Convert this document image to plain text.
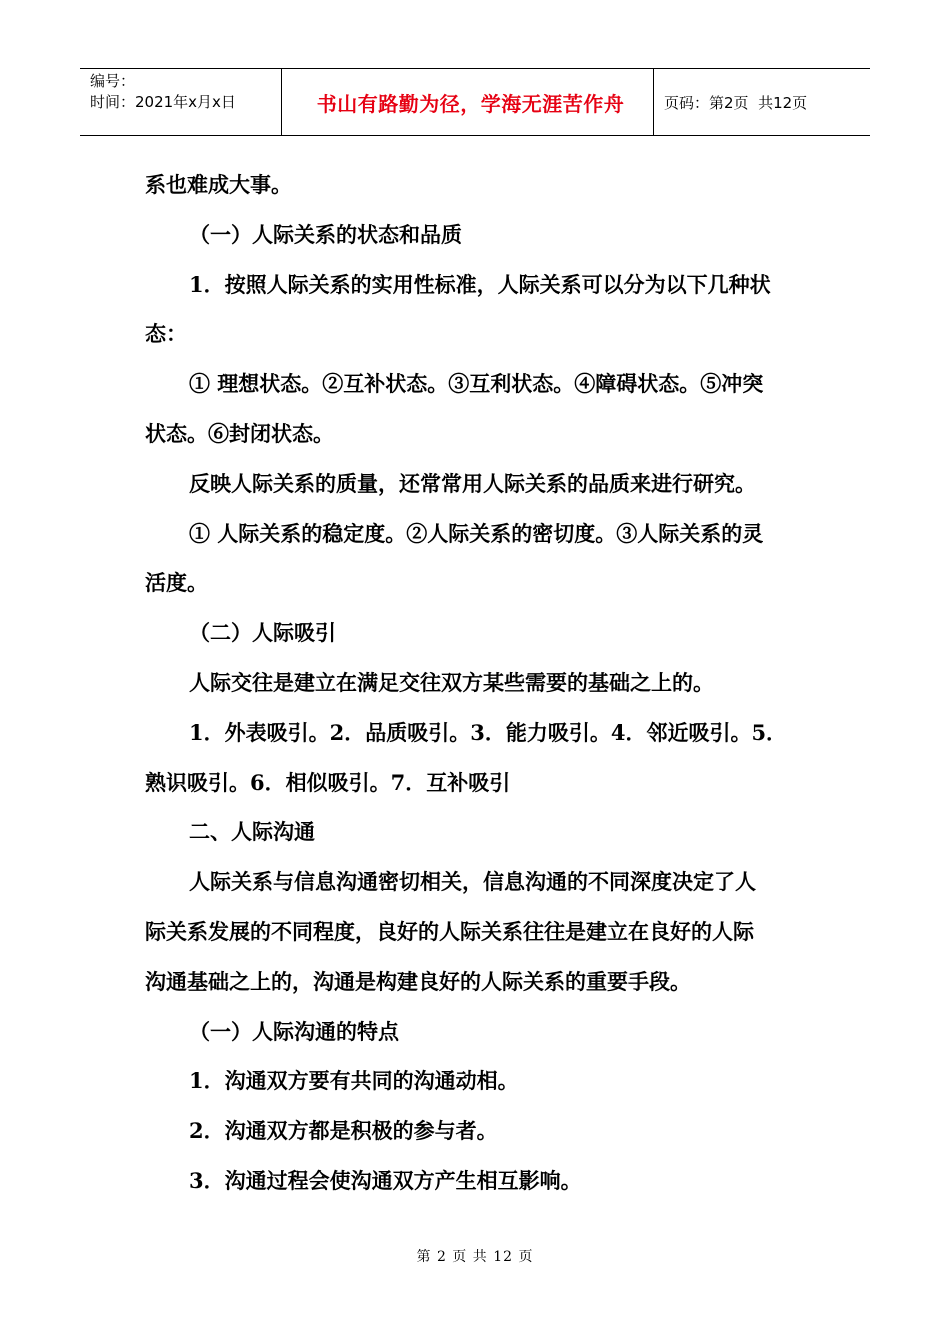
编号：
时间：2021年x月x日	书山有路勤为径，学海无涯苦作舟	页码：第2页  共12页
系也难成大事。
（一）人际关系的状态和品质
1．按照人际关系的实用性标准，人际关系可以分为以下几种状
态：
① 理想状态。②互补状态。③互利状态。④障碍状态。⑤冲突
状态。⑥封闭状态。
反映人际关系的质量，还常常用人际关系的品质来进行研究。
① 人际关系的稳定度。②人际关系的密切度。③人际关系的灵
活度。
（二）人际吸引
人际交往是建立在满足交往双方某些需要的基础之上的。
1．外表吸引。2．品质吸引。3．能力吸引。4．邻近吸引。5．
熟识吸引。6．相似吸引。7．互补吸引
二、人际沟通
人际关系与信息沟通密切相关，信息沟通的不同深度决定了人
际关系发展的不同程度，良好的人际关系往往是建立在良好的人际
沟通基础之上的，沟通是构建良好的人际关系的重要手段。
（一）人际沟通的特点
1．沟通双方要有共同的沟通动相。
2．沟通双方都是积极的参与者。
3．沟通过程会使沟通双方产生相互影响。
第 2 页 共 12 页
